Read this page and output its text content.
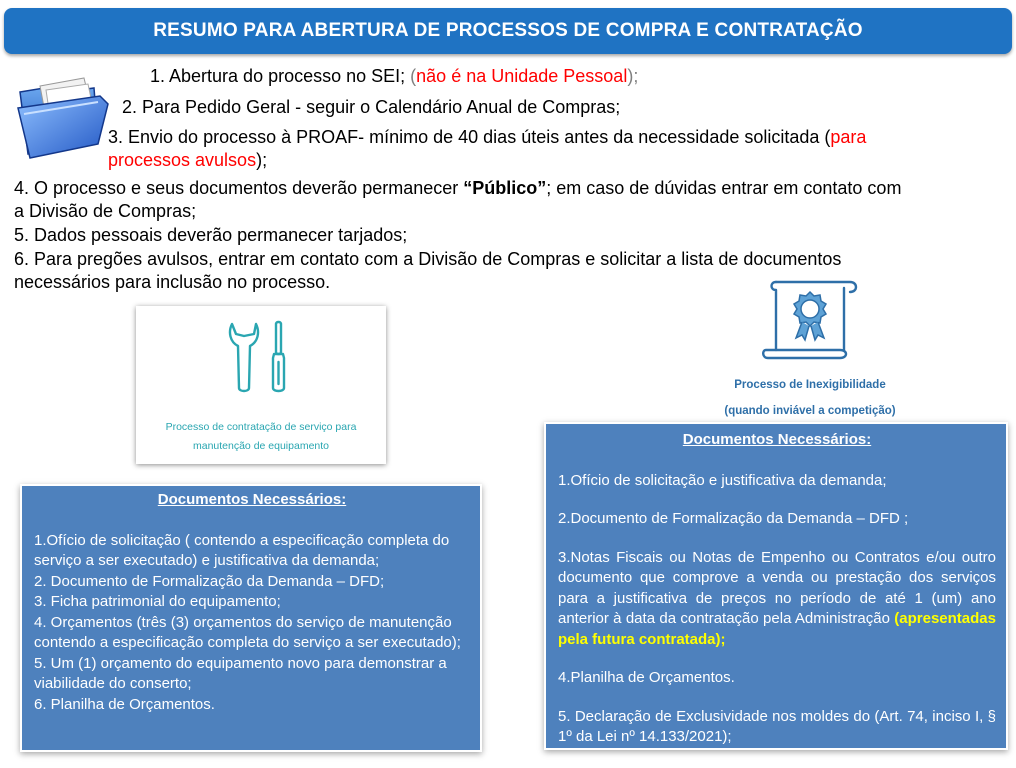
RESUMO PARA ABERTURA DE PROCESSOS DE COMPRA E CONTRATAÇÃO
1. Abertura do processo no SEI; (não é na Unidade Pessoal);
2. Para Pedido Geral - seguir o Calendário Anual de Compras;
3. Envio do processo à PROAF- mínimo de 40 dias úteis antes da necessidade solicitada (para
processos avulsos);
4. O processo e seus documentos deverão permanecer “Público”; em caso de dúvidas entrar em contato com
a Divisão de Compras;
5. Dados pessoais deverão permanecer tarjados;
6. Para pregões avulsos, entrar em contato com a Divisão de Compras e solicitar a lista de documentos
necessários para inclusão no processo.
Processo de contratação de serviço para
manutenção de equipamento
Processo de Inexigibilidade
(quando inviável a competição)
Documentos Necessários:

1.Ofício de solicitação ( contendo a especificação completa do serviço a ser executado) e justificativa da demanda;

2. Documento de Formalização da Demanda – DFD;

3. Ficha patrimonial do equipamento;

4. Orçamentos (três (3) orçamentos do serviço de manutenção contendo a especificação completa do serviço a ser executado);

5. Um (1) orçamento do equipamento novo para demonstrar a viabilidade do conserto;

6. Planilha de Orçamentos.

Documentos Necessários:

1.Ofício de solicitação e justificativa da demanda;

2.Documento de Formalização da Demanda – DFD ;

3.Notas Fiscais ou Notas de Empenho ou Contratos e/ou outro documento que comprove a venda ou prestação dos serviços para a justificativa de preços no período de até 1 (um) ano anterior à data da contratação pela Administração (apresentadas pela futura contratada);

4.Planilha de Orçamentos.

5. Declaração de Exclusividade nos moldes do (Art. 74, inciso I, § 1º da Lei nº 14.133/2021);
